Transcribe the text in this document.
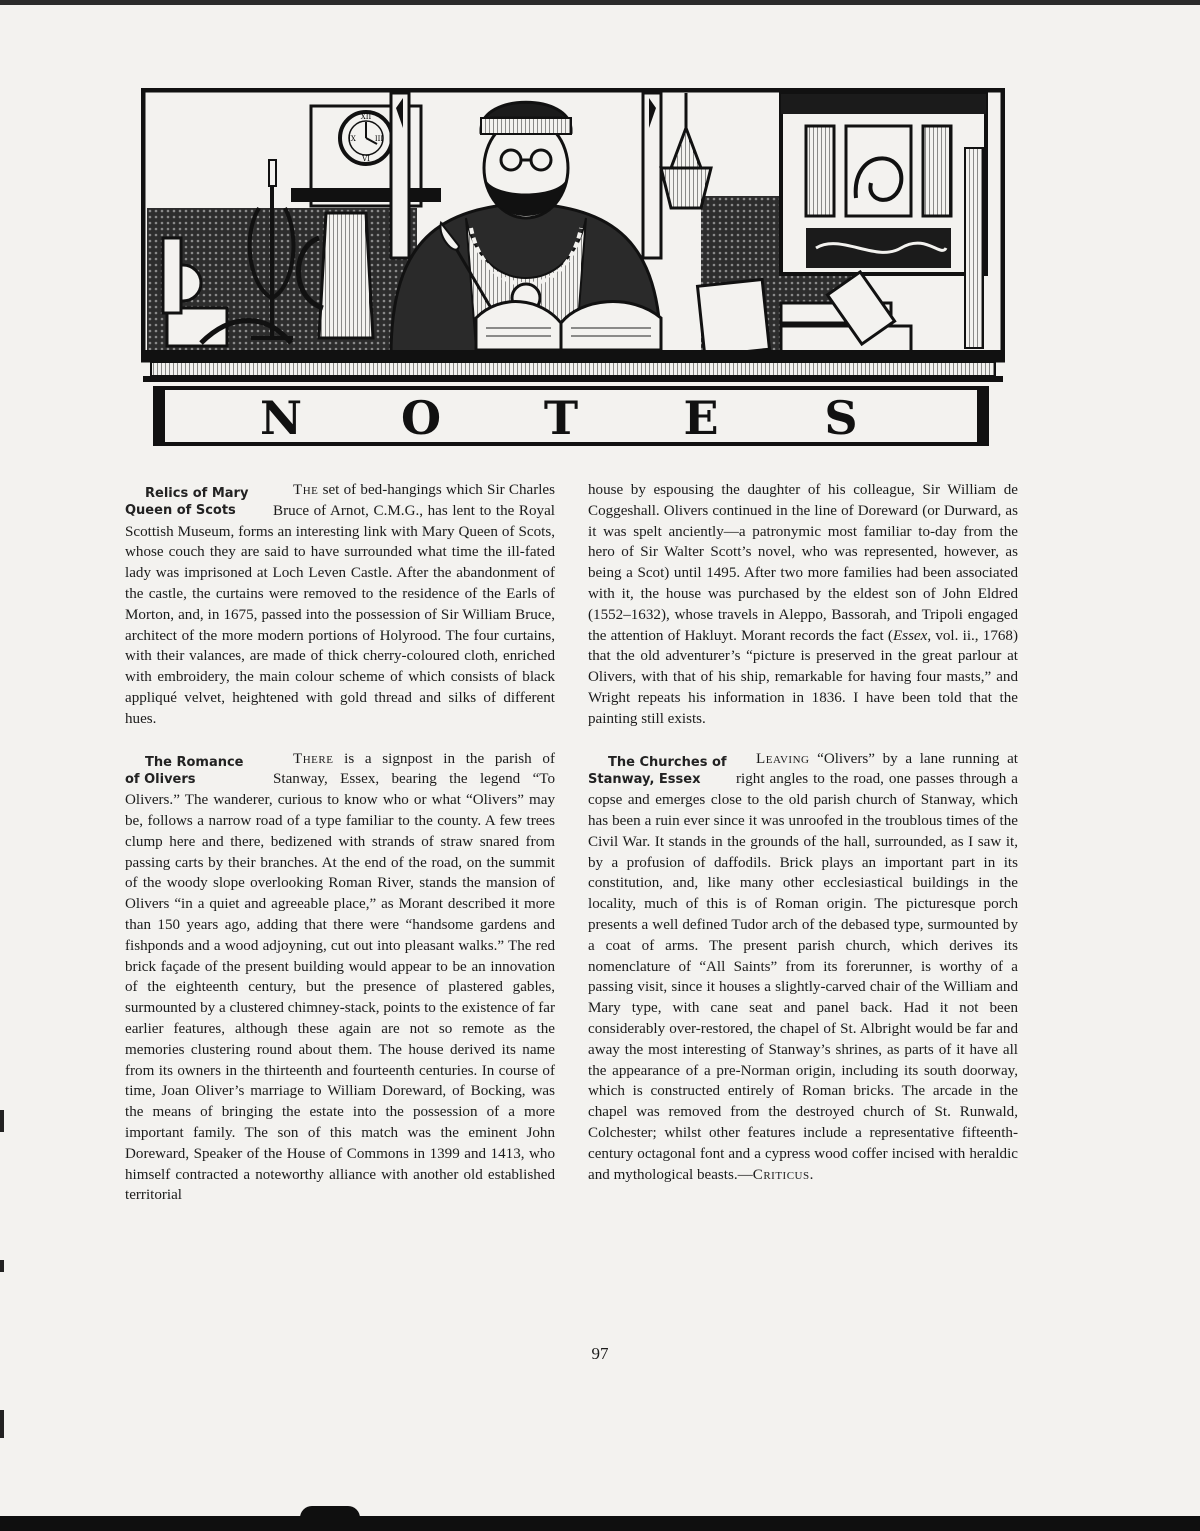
XII
III
VI
IX
N O T E S

Relics of Mary
Queen of Scots
The set of bed-hangings which Sir Charles Bruce of Arnot, C.M.G., has lent to the Royal Scottish Museum, forms an interesting link with Mary Queen of Scots, whose couch they are said to have surrounded what time the ill-fated lady was imprisoned at Loch Leven Castle. After the abandonment of the castle, the curtains were removed to the residence of the Earls of Morton, and, in 1675, passed into the possession of Sir William Bruce, architect of the more modern portions of Holyrood. The four curtains, with their valances, are made of thick cherry-coloured cloth, enriched with embroidery, the main colour scheme of which consists of black appliqué velvet, heightened with gold thread and silks of different hues.

The Romance
of Olivers
There is a signpost in the parish of Stanway, Essex, bearing the legend “To Olivers.” The wanderer, curious to know who or what “Olivers” may be, follows a narrow road of a type familiar to the county. A few trees clump here and there, bedizened with strands of straw snared from passing carts by their branches. At the end of the road, on the summit of the woody slope overlooking Roman River, stands the mansion of Olivers “in a quiet and agreeable place,” as Morant described it more than 150 years ago, adding that there were “handsome gardens and fishponds and a wood adjoyning, cut out into pleasant walks.” The red brick façade of the present building would appear to be an innovation of the eighteenth century, but the presence of plastered gables, surmounted by a clustered chimney-stack, points to the existence of far earlier features, although these again are not so remote as the memories clustering round about them. The house derived its name from its owners in the thirteenth and fourteenth centuries. In course of time, Joan Oliver’s marriage to William Doreward, of Bocking, was the means of bringing the estate into the possession of a more important family. The son of this match was the eminent John Doreward, Speaker of the House of Commons in 1399 and 1413, who himself contracted a noteworthy alliance with another old established territorial

house by espousing the daughter of his colleague, Sir William de Coggeshall. Olivers continued in the line of Doreward (or Durward, as it was spelt anciently—a patronymic most familiar to-day from the hero of Sir Walter Scott’s novel, who was represented, however, as being a Scot) until 1495. After two more families had been associated with it, the house was purchased by the eldest son of John Eldred (1552–1632), whose travels in Aleppo, Bassorah, and Tripoli engaged the attention of Hakluyt. Morant records the fact (Essex, vol. ii., 1768) that the old adventurer’s “picture is preserved in the great parlour at Olivers, with that of his ship, remarkable for having four masts,” and Wright repeats his information in 1836. I have been told that the painting still exists.

The Churches of
Stanway, Essex
Leaving “Olivers” by a lane running at right angles to the road, one passes through a copse and emerges close to the old parish church of Stanway, which has been a ruin ever since it was unroofed in the troublous times of the Civil War. It stands in the grounds of the hall, surrounded, as I saw it, by a profusion of daffodils. Brick plays an important part in its constitution, and, like many other ecclesiastical buildings in the locality, much of this is of Roman origin. The picturesque porch presents a well defined Tudor arch of the debased type, surmounted by a coat of arms. The present parish church, which derives its nomenclature of “All Saints” from its forerunner, is worthy of a passing visit, since it houses a slightly-carved chair of the William and Mary type, with cane seat and panel back. Had it not been considerably over-restored, the chapel of St. Albright would be far and away the most interesting of Stanway’s shrines, as parts of it have all the appearance of a pre-Norman origin, including its south doorway, which is constructed entirely of Roman bricks. The arcade in the chapel was removed from the destroyed church of St. Runwald, Colchester; whilst other features include a representative fifteenth-century octagonal font and a cypress wood coffer incised with heraldic and mythological beasts.—Criticus.

97
